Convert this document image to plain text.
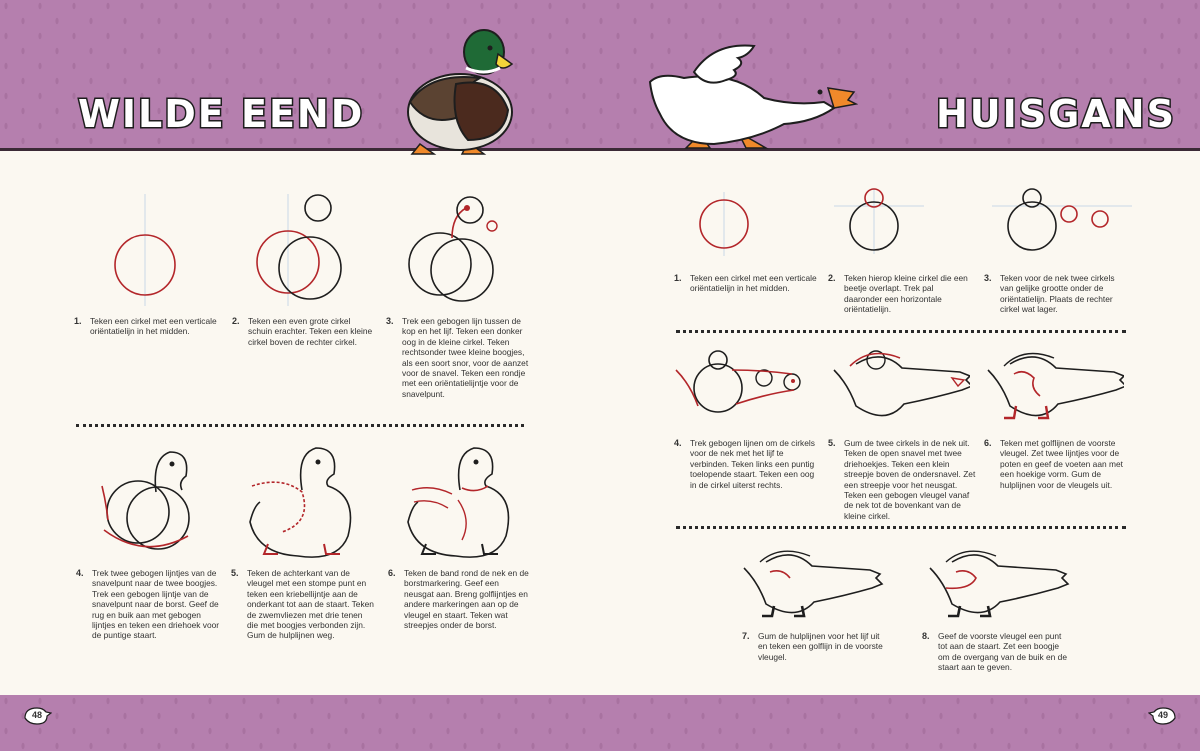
WILDE EEND	HUISGANS
1. Teken een cirkel met een verticale oriëntatielijn in het midden.
2. Teken een even grote cirkel schuin erachter. Teken een kleine cirkel boven de rechter cirkel.
3. Trek een gebogen lijn tussen de kop en het lijf. Teken een donker oog in de kleine cirkel. Teken rechtsonder twee kleine boogjes, als een soort snor, voor de aanzet voor de snavel. Teken een rondje met een oriëntatielijntje voor de snavelpunt.
4. Trek twee gebogen lijntjes van de snavelpunt naar de twee boogjes. Trek een gebogen lijntje van de snavelpunt naar de borst. Geef de rug en buik aan met gebogen lijntjes en teken een driehoek voor de puntige staart.
5. Teken de achterkant van de vleugel met een stompe punt en teken een kriebellijntje aan de onderkant tot aan de staart. Teken de zwemvliezen met drie tenen die met boogjes verbonden zijn. Gum de hulplijnen weg.
6. Teken de band rond de nek en de borstmarkering. Geef een neusgat aan. Breng golflijntjes en andere markeringen aan op de vleugel en staart. Teken wat streepjes onder de borst.
1. Teken een cirkel met een verticale oriëntatielijn in het midden.
2. Teken hierop kleine cirkel die een beetje overlapt. Trek pal daaronder een horizontale oriëntatielijn.
3. Teken voor de nek twee cirkels van gelijke grootte onder de oriëntatielijn. Plaats de rechter cirkel wat lager.
4. Trek gebogen lijnen om de cirkels voor de nek met het lijf te verbinden. Teken links een puntig toelopende staart. Teken een oog in de cirkel uiterst rechts.
5. Gum de twee cirkels in de nek uit. Teken de open snavel met twee driehoekjes. Teken een klein streepje boven de ondersnavel. Zet een streepje voor het neusgat. Teken een gebogen vleugel vanaf de nek tot de bovenkant van de kleine cirkel.
6. Teken met golflijnen de voorste vleugel. Zet twee lijntjes voor de poten en geef de voeten aan met een hoekige vorm. Gum de hulplijnen voor de vleugels uit.
7. Gum de hulplijnen voor het lijf uit en teken een golflijn in de voorste vleugel.
8. Geef de voorste vleugel een punt tot aan de staart. Zet een boogje om de overgang van de buik en de staart aan te geven.
48	49
